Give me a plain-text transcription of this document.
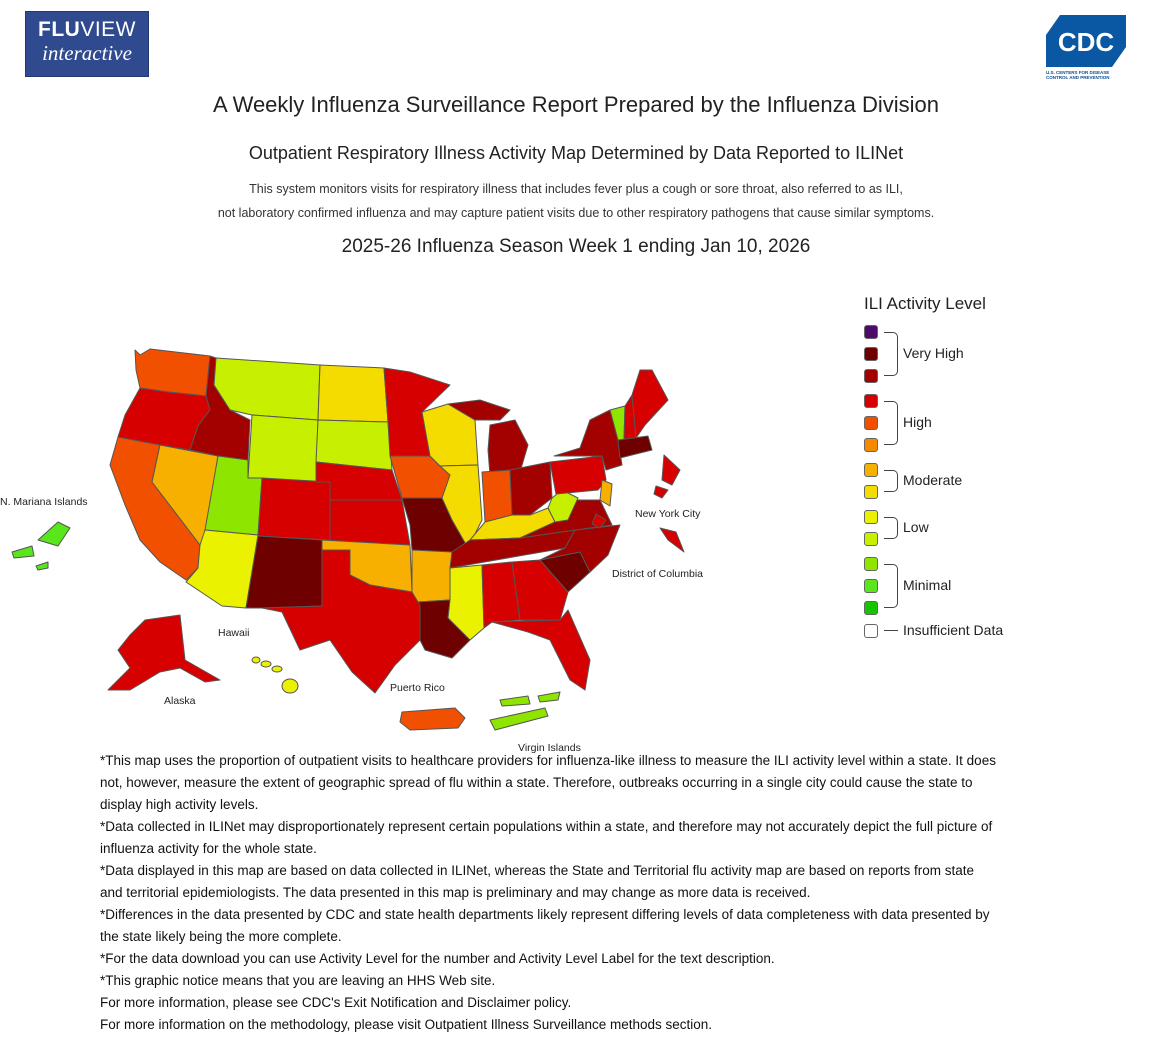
FLUVIEW
interactive	CDC
U.S. CENTERS FOR DISEASE
CONTROL AND PREVENTION
A Weekly Influenza Surveillance Report Prepared by the Influenza Division
Outpatient Respiratory Illness Activity Map Determined by Data Reported to ILINet
This system monitors visits for respiratory illness that includes fever plus a cough or sore throat, also referred to as ILI,
not laboratory confirmed influenza and may capture patient visits due to other respiratory pathogens that cause similar symptoms.
2025-26 Influenza Season Week 1 ending Jan 10, 2026
N. Mariana Islands
New York City
District of Columbia
Hawaii
Alaska
Puerto Rico
Virgin Islands
ILI Activity Level
Very High
High
Moderate
Low
Minimal
Insufficient Data
*This map uses the proportion of outpatient visits to healthcare providers for influenza-like illness to measure the ILI activity level within a state. It does not, however, measure the extent of geographic spread of flu within a state. Therefore, outbreaks occurring in a single city could cause the state to display high activity levels.
*Data collected in ILINet may disproportionately represent certain populations within a state, and therefore may not accurately depict the full picture of influenza activity for the whole state.
*Data displayed in this map are based on data collected in ILINet, whereas the State and Territorial flu activity map are based on reports from state and territorial epidemiologists. The data presented in this map is preliminary and may change as more data is received.
*Differences in the data presented by CDC and state health departments likely represent differing levels of data completeness with data presented by the state likely being the more complete.
*For the data download you can use Activity Level for the number and Activity Level Label for the text description.
*This graphic notice means that you are leaving an HHS Web site.
For more information, please see CDC's Exit Notification and Disclaimer policy.
For more information on the methodology, please visit Outpatient Illness Surveillance methods section.
